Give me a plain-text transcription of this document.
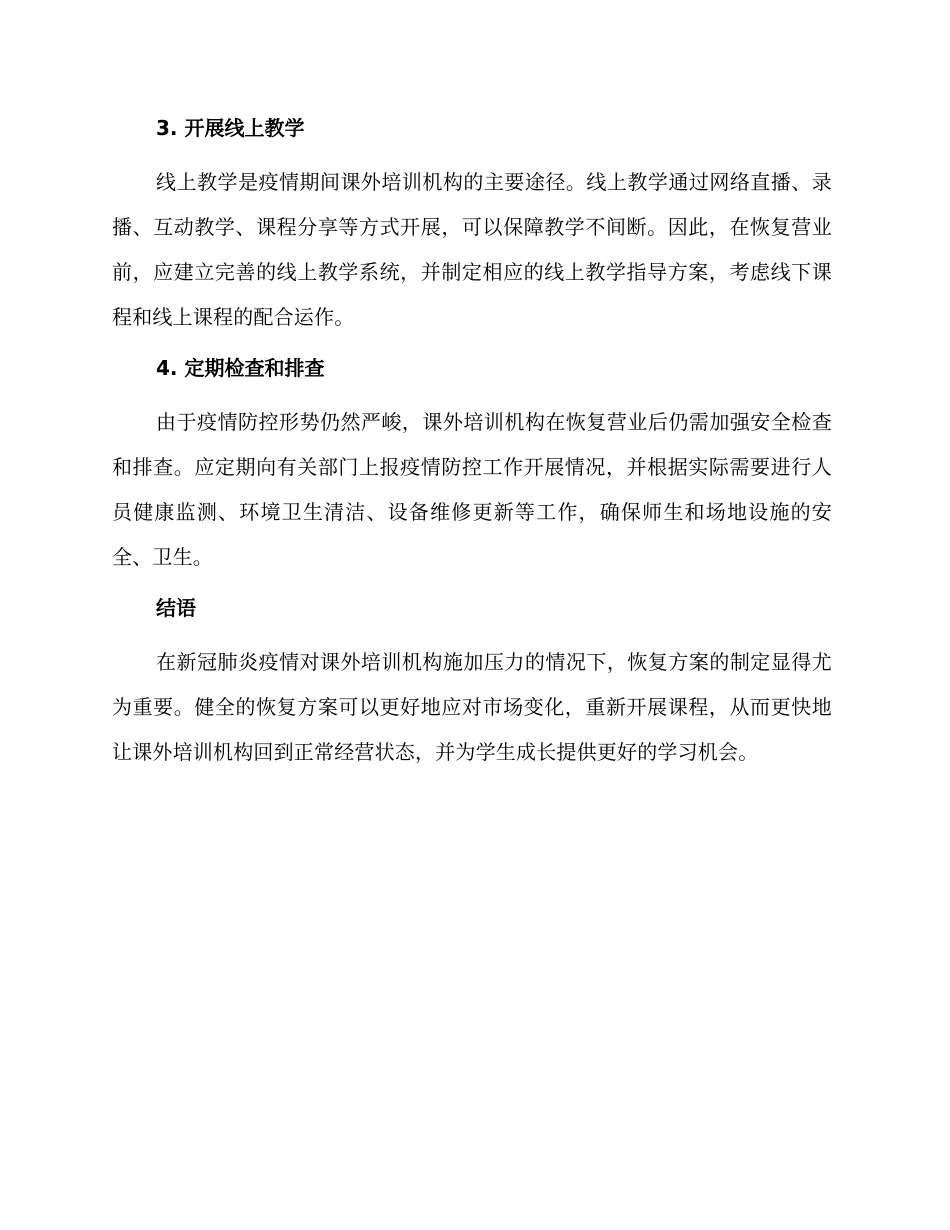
3. 开展线上教学

线上教学是疫情期间课外培训机构的主要途径。线上教学通过网络直播、录播、互动教学、课程分享等方式开展，可以保障教学不间断。因此，在恢复营业前，应建立完善的线上教学系统，并制定相应的线上教学指导方案，考虑线下课程和线上课程的配合运作。

4. 定期检查和排查

由于疫情防控形势仍然严峻，课外培训机构在恢复营业后仍需加强安全检查和排查。应定期向有关部门上报疫情防控工作开展情况，并根据实际需要进行人员健康监测、环境卫生清洁、设备维修更新等工作，确保师生和场地设施的安全、卫生。

结语

在新冠肺炎疫情对课外培训机构施加压力的情况下，恢复方案的制定显得尤为重要。健全的恢复方案可以更好地应对市场变化，重新开展课程，从而更快地让课外培训机构回到正常经营状态，并为学生成长提供更好的学习机会。
